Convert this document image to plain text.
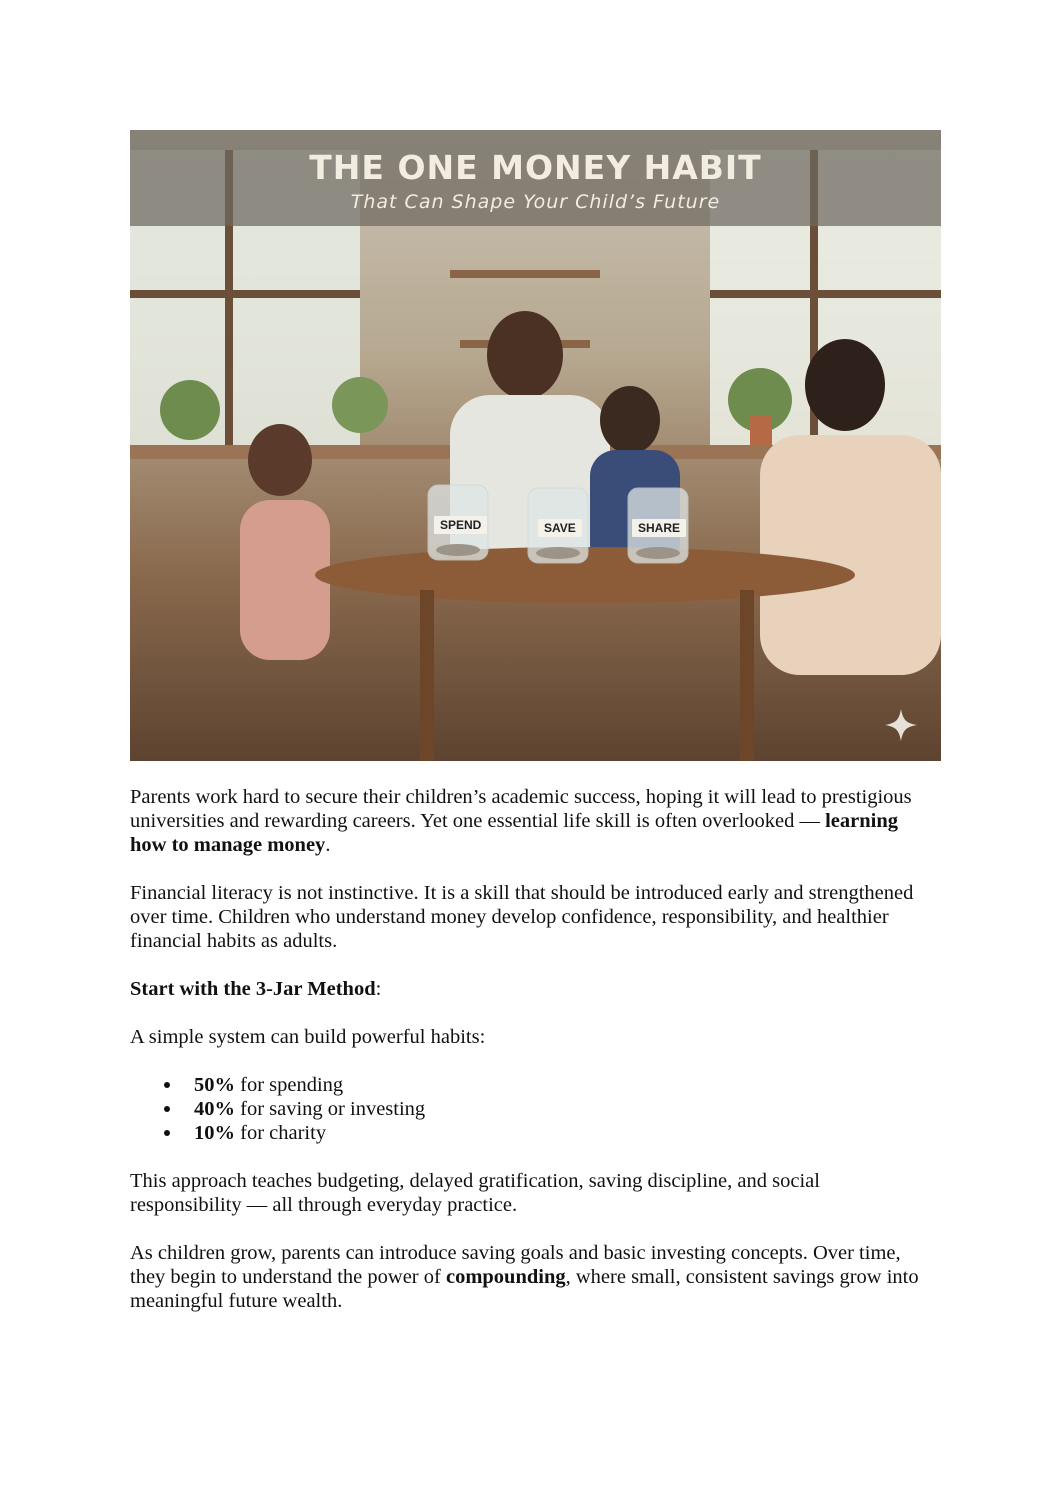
THE ONE MONEY HABIT
That Can Shape Your Child’s Future
SPEND	SAVE	SHARE

Parents work hard to secure their children’s academic success, hoping it will lead to prestigious universities and rewarding careers. Yet one essential life skill is often overlooked — learning how to manage money.

Financial literacy is not instinctive. It is a skill that should be introduced early and strengthened over time. Children who understand money develop confidence, responsibility, and healthier financial habits as adults.

Start with the 3-Jar Method:

A simple system can build powerful habits:

50% for spending
40% for saving or investing
10% for charity

This approach teaches budgeting, delayed gratification, saving discipline, and social responsibility — all through everyday practice.

As children grow, parents can introduce saving goals and basic investing concepts. Over time, they begin to understand the power of compounding, where small, consistent savings grow into meaningful future wealth.
